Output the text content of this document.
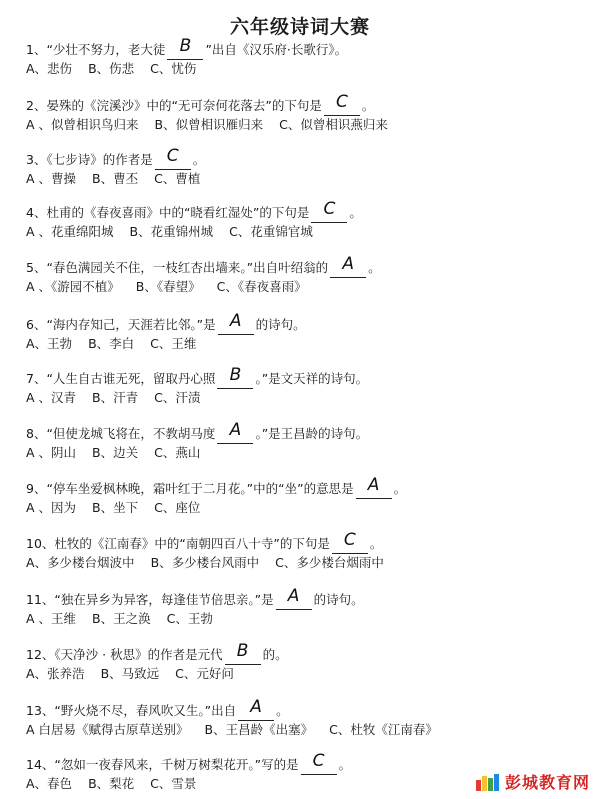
六年级诗词大赛
1、“少壮不努力，老大徒 B ”出自《汉乐府·长歌行》。
A、悲伤 B、伤悲 C、忧伤
2、晏殊的《浣溪沙》中的“无可奈何花落去”的下句是 C 。
A 、似曾相识鸟归来 B、似曾相识雁归来 C、似曾相识燕归来
3、《七步诗》的作者是 C 。
A 、曹操 B、曹丕 C、曹植
4、杜甫的《春夜喜雨》中的“晓看红湿处”的下句是 C 。
A 、花重绵阳城 B、花重锦州城 C、花重锦官城
5、“春色满园关不住，一枝红杏出墙来。”出自叶绍翁的 A 。
A 、《游园不植》 B、《春望》 C、《春夜喜雨》
6、“海内存知己，天涯若比邻。”是 A 的诗句。
A、王勃 B、李白 C、王维
7、“人生自古谁无死，留取丹心照 B 。”是文天祥的诗句。
A 、汉青 B、汗青 C、汗渍
8、“但使龙城飞将在，不教胡马度 A 。”是王昌龄的诗句。
A 、阴山 B、边关 C、燕山
9、“停车坐爱枫林晚，霜叶红于二月花。”中的“坐”的意思是 A 。
A 、因为 B、坐下 C、座位
10、杜牧的《江南春》中的“南朝四百八十寺”的下句是 C 。
A、多少楼台烟波中 B、多少楼台风雨中 C、多少楼台烟雨中
11、“独在异乡为异客，每逢佳节倍思亲。”是 A 的诗句。
A 、王维 B、王之涣 C、王勃
12、《天净沙 · 秋思》的作者是元代 B 的。
A、张养浩 B、马致远 C、元好问
13、“野火烧不尽，春风吹又生。”出自 A 。
A 白居易《赋得古原草送别》 B、王昌龄《出塞》 C、杜牧《江南春》
14、“忽如一夜春风来，千树万树梨花开。”写的是 C 。
A、春色 B、梨花 C、雪景	彭城教育网
